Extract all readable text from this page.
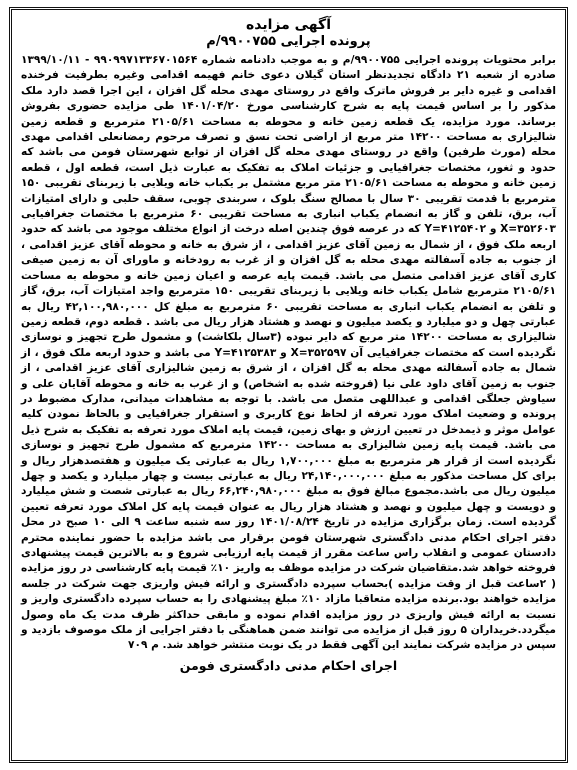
آگهی مزایده

پرونده اجرایی ۹۹۰۰۷۵۵/م

برابر محتویات پرونده اجرایی ۹۹۰۰۷۵۵/م و به موجب دادنامه شماره ۹۹۰۹۹۷۱۳۳۶۷۰۱۵۶۴ - ۱۳۹۹/۱۰/۱۱ صادره از شعبه ۲۱ دادگاه تجدیدنظر استان گیلان دعوی خانم فهیمه اقدامی وغیره بطرفیت فرخنده اقدامی و غیره دایر بر فروش ماترک واقع در روستای مهدی محله گل افزان ، این اجرا قصد دارد ملک مذکور را بر اساس قیمت پایه به شرح کارشناسی مورخ ۱۴۰۱/۰۴/۲۰ طی مزایده حضوری بفروش برساند. مورد مزایده، یک قطعه زمین خانه و محوطه به مساحت ۲۱۰۵/۶۱ مترمربع و قطعه زمین شالیزاری به مساحت ۱۴۲۰۰ متر مربع از اراضی تحت نسق و تصرف مرحوم رمضانعلی اقدامی مهدی محله (مورث طرفین) واقع در روستای مهدی محله گل افزان از توابع شهرستان فومن می باشد که حدود و ثغور، مختصات جغرافیایی و جزئیات املاک به تفکیک به عبارت ذیل است، قطعه اول ، قطعه زمین خانه و محوطه به مساحت ۲۱۰۵/۶۱ متر مربع مشتمل بر یکباب خانه ویلایی با زیربنای تقریبی ۱۵۰ مترمربع با قدمت تقریبی ۳۰ سال با مصالح سنگ بلوک ، سربندی چوبی، سقف حلبی و دارای امتیازات آب، برق، تلفن و گاز به انضمام یکباب انباری به مساحت تقریبی ۶۰ مترمربع با مختصات جغرافیایی X=۳۵۲۶۰۳ و Y=۴۱۲۵۴۰۲ که در عرصه فوق چندین اصله درخت از انواع مختلف موجود می باشد که حدود اربعه ملک فوق ، از شمال به زمین آقای عزیز اقدامی ، از شرق به خانه و محوطه آقای عزیز اقدامی ، از جنوب به جاده آسفالته مهدی محله به گل افزان و از غرب به رودخانه و ماورای آن به زمین صیفی کاری آقای عزیز اقدامی متصل می باشد. قیمت پایه عرصه و اعیان زمین خانه و محوطه به مساحت ۲۱۰۵/۶۱ مترمربع شامل یکباب خانه ویلایی با زیربنای تقریبی ۱۵۰ مترمربع واجد امتیازات آب، برق، گاز و تلفن به انضمام یکباب انباری به مساحت تقریبی ۶۰ مترمربع به مبلغ کل ۴۲,۱۰۰,۹۸۰,۰۰۰ ریال به عبارتی چهل و دو میلیارد و یکصد میلیون و نهصد و هشتاد هزار ریال می باشد . قطعه دوم، قطعه زمین شالیزاری به مساحت ۱۴۲۰۰ متر مربع که دایر نبوده (۳سال بلکاشت) و مشمول طرح تجهیز و نوسازی نگردیده است که مختصات جغرافیایی آن X=۳۵۲۵۹۷ و Y=۴۱۲۵۳۸۳ می باشد و حدود اربعه ملک فوق ، از شمال به جاده آسفالته مهدی محله به گل افزان ، از شرق به زمین شالیزاری آقای عزیز اقدامی ، از جنوب به زمین آقای داود علی نیا (فروخته شده به اشخاص) و از غرب به خانه و محوطه آقایان علی و سیاوش جعلگی اقدامی و عبداللهی متصل می باشد. با توجه به مشاهدات میدانی، مدارک مضبوط در پرونده و وضعیت املاک مورد تعرفه از لحاظ نوع کاربری و استقرار جغرافیایی و بالحاظ نمودن کلیه عوامل موثر و ذیمدخل در تعیین ارزش و بهای زمین، قیمت پایه املاک مورد تعرفه به تفکیک به شرح ذیل می باشد. قیمت پایه زمین شالیزاری به مساحت ۱۴۲۰۰ مترمربع که مشمول طرح تجهیز و نوسازی نگردیده است از قرار هر مترمربع به مبلغ ۱,۷۰۰,۰۰۰ ریال به عبارتی یک میلیون و هفتصدهزار ریال و برای کل مساحت مذکور به مبلغ ۲۴,۱۴۰,۰۰۰,۰۰۰ ریال به عبارتی بیست و چهار میلیارد و یکصد و چهل میلیون ریال می باشد.مجموع مبالغ فوق به مبلغ ۶۶,۲۴۰,۹۸۰,۰۰۰ ریال به عبارتی شصت و شش میلیارد و دویست و چهل میلیون و نهصد و هشتاد هزار ریال به عنوان قیمت پایه کل املاک مورد تعرفه تعیین گردیده است. زمان برگزاری مزایده در تاریخ ۱۴۰۱/۰۸/۲۴ روز سه شنبه ساعت ۹ الی ۱۰ صبح در محل دفتر اجرای احکام مدنی دادگستری شهرستان فومن برقرار می باشد مزایده با حضور نماینده محترم دادستان عمومی و انقلاب راس ساعت مقرر از قیمت پایه ارزیابی شروع و به بالاترین قیمت پیشنهادی فروخته خواهد شد.متقاضیان شرکت در مزایده موظف به واریز ۱۰٪ قیمت پایه کارشناسی در روز مزایده ( ۲ساعت قبل از وقت مزایده )بحساب سپرده دادگستری و ارائه فیش واریزی جهت شرکت در جلسه مزایده خواهند بود.برنده مزایده متعاقبا مازاد ۱۰٪ مبلغ پیشنهادی را به حساب سپرده دادگستری واریز و نسبت به ارائه فیش واریزی در روز مزایده اقدام نموده و مابقی حداکثر ظرف مدت یک ماه وصول میگردد.خریداران ۵ روز قبل از مزایده می توانند ضمن هماهنگی با دفتر اجرایی از ملک موصوف بازدید و سپس در مزایده شرکت نمایند این آگهی فقط در یک نوبت منتشر خواهد شد. م ۷۰۹

اجرای احکام مدنی دادگستری فومن
